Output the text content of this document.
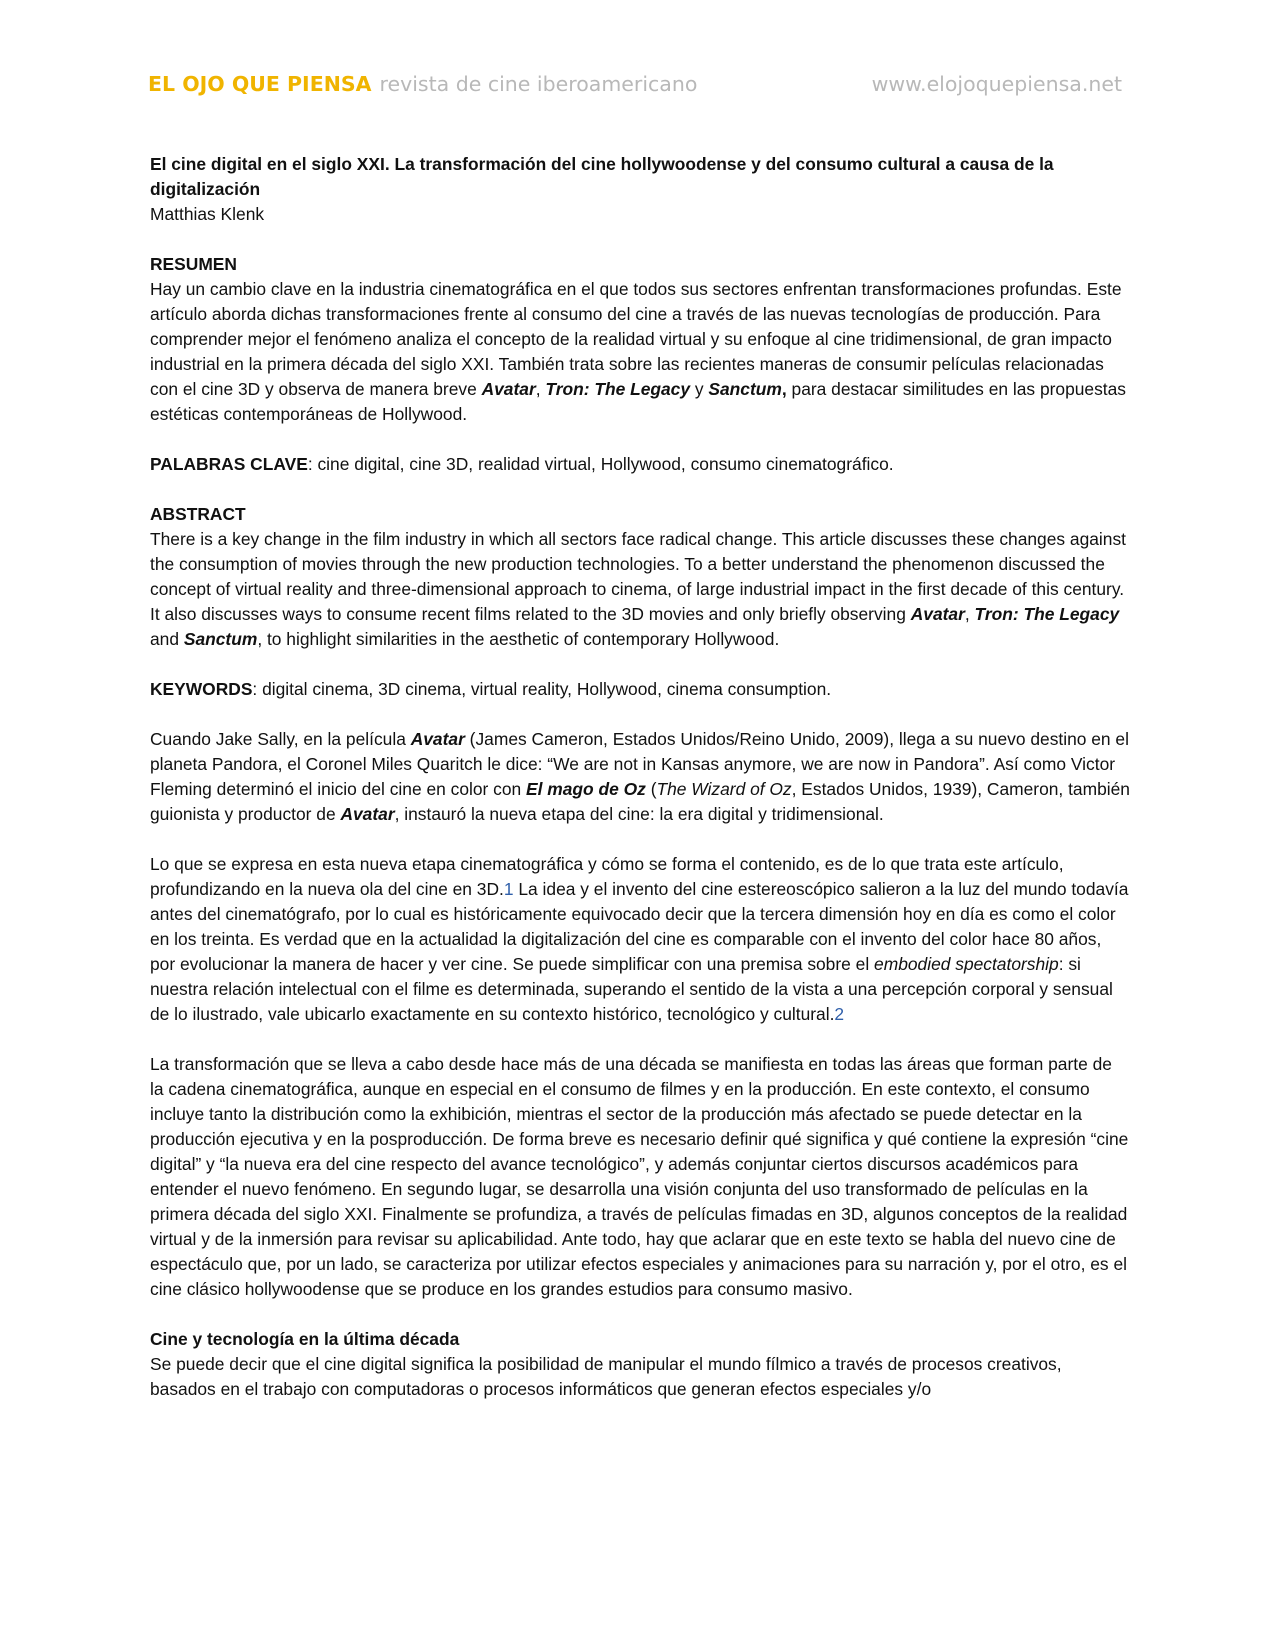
EL OJO QUE PIENSA revista de cine iberoamericano	www.elojoquepiensa.net

El cine digital en el siglo XXI. La transformación del cine hollywoodense y del consumo cultural a causa de la digitalización

Matthias Klenk

RESUMEN

Hay un cambio clave en la industria cinematográfica en el que todos sus sectores enfrentan transformaciones profundas. Este artículo aborda dichas transformaciones frente al consumo del cine a través de las nuevas tecnologías de producción. Para comprender mejor el fenómeno analiza el concepto de la realidad virtual y su enfoque al cine tridimensional, de gran impacto industrial en la primera década del siglo XXI. También trata sobre las recientes maneras de consumir películas relacionadas con el cine 3D y observa de manera breve Avatar, Tron: The Legacy y Sanctum, para destacar similitudes en las propuestas estéticas contemporáneas de Hollywood.

PALABRAS CLAVE: cine digital, cine 3D, realidad virtual, Hollywood, consumo cinematográfico.

ABSTRACT

There is a key change in the film industry in which all sectors face radical change. This article discusses these changes against the consumption of movies through the new production technologies. To a better understand the phenomenon discussed the concept of virtual reality and three-dimensional approach to cinema, of large industrial impact in the first decade of this century. It also discusses ways to consume recent films related to the 3D movies and only briefly observing Avatar, Tron: The Legacy and Sanctum, to highlight similarities in the aesthetic of contemporary Hollywood.

KEYWORDS: digital cinema, 3D cinema, virtual reality, Hollywood, cinema consumption.

Cuando Jake Sally, en la película Avatar (James Cameron, Estados Unidos/Reino Unido, 2009), llega a su nuevo destino en el planeta Pandora, el Coronel Miles Quaritch le dice: “We are not in Kansas anymore, we are now in Pandora”. Así como Victor Fleming determinó el inicio del cine en color con El mago de Oz (The Wizard of Oz, Estados Unidos, 1939), Cameron, también guionista y productor de Avatar, instauró la nueva etapa del cine: la era digital y tridimensional.

Lo que se expresa en esta nueva etapa cinematográfica y cómo se forma el contenido, es de lo que trata este artículo, profundizando en la nueva ola del cine en 3D.1 La idea y el invento del cine estereoscópico salieron a la luz del mundo todavía antes del cinematógrafo, por lo cual es históricamente equivocado decir que la tercera dimensión hoy en día es como el color en los treinta. Es verdad que en la actualidad la digitalización del cine es comparable con el invento del color hace 80 años, por evolucionar la manera de hacer y ver cine. Se puede simplificar con una premisa sobre el embodied spectatorship: si nuestra relación intelectual con el filme es determinada, superando el sentido de la vista a una percepción corporal y sensual de lo ilustrado, vale ubicarlo exactamente en su contexto histórico, tecnológico y cultural.2

La transformación que se lleva a cabo desde hace más de una década se manifiesta en todas las áreas que forman parte de la cadena cinematográfica, aunque en especial en el consumo de filmes y en la producción. En este contexto, el consumo incluye tanto la distribución como la exhibición, mientras el sector de la producción más afectado se puede detectar en la producción ejecutiva y en la posproducción. De forma breve es necesario definir qué significa y qué contiene la expresión “cine digital” y “la nueva era del cine respecto del avance tecnológico”, y además conjuntar ciertos discursos académicos para entender el nuevo fenómeno. En segundo lugar, se desarrolla una visión conjunta del uso transformado de películas en la primera década del siglo XXI. Finalmente se profundiza, a través de películas fimadas en 3D, algunos conceptos de la realidad virtual y de la inmersión para revisar su aplicabilidad. Ante todo, hay que aclarar que en este texto se habla del nuevo cine de espectáculo que, por un lado, se caracteriza por utilizar efectos especiales y animaciones para su narración y, por el otro, es el cine clásico hollywoodense que se produce en los grandes estudios para consumo masivo.

Cine y tecnología en la última década

Se puede decir que el cine digital significa la posibilidad de manipular el mundo fílmico a través de procesos creativos, basados en el trabajo con computadoras o procesos informáticos que generan efectos especiales y/o
